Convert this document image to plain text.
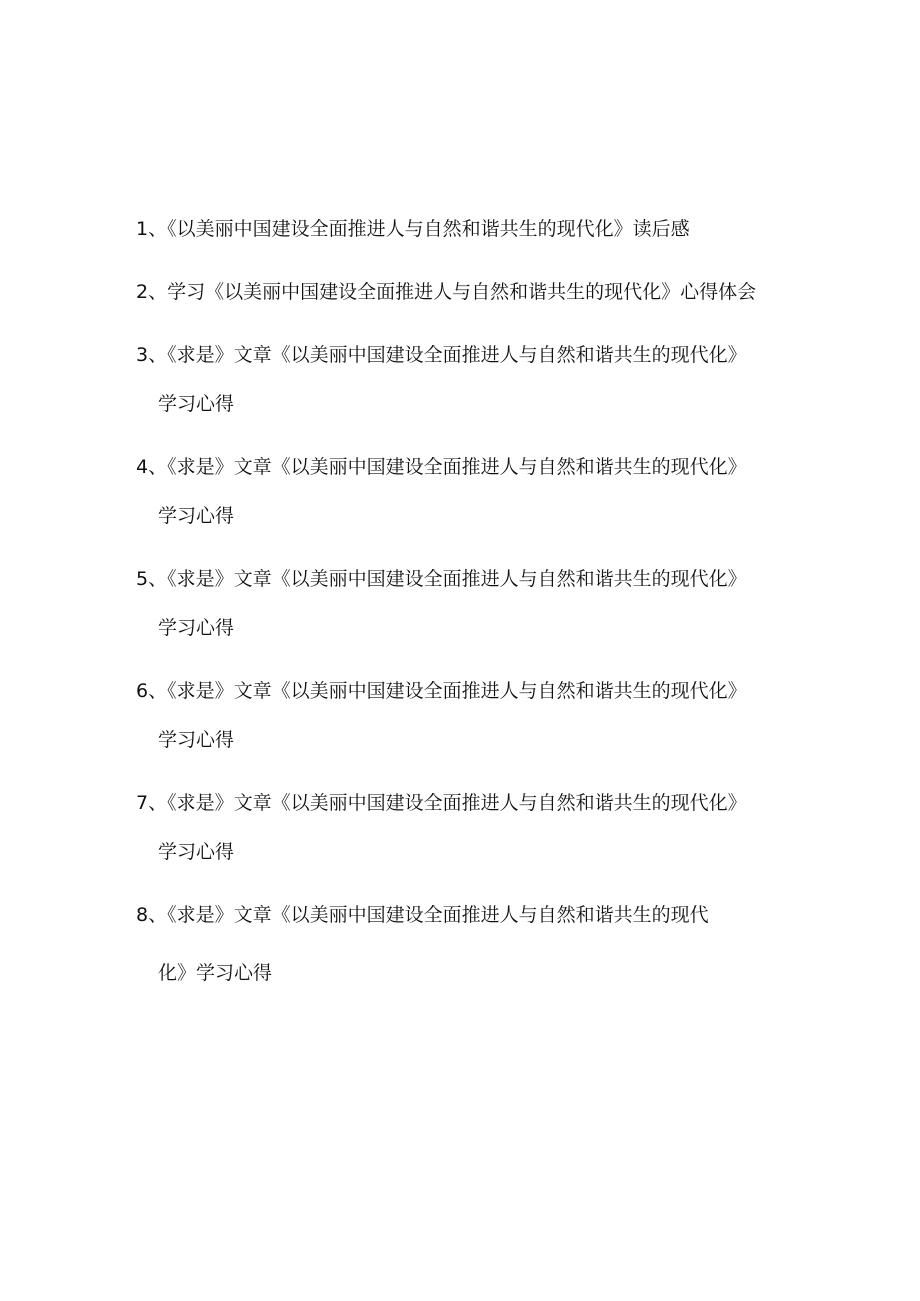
1、《以美丽中国建设全面推进人与自然和谐共生的现代化》读后感
2、学习《以美丽中国建设全面推进人与自然和谐共生的现代化》心得体会
3、《求是》文章《以美丽中国建设全面推进人与自然和谐共生的现代化》
学习心得
4、《求是》文章《以美丽中国建设全面推进人与自然和谐共生的现代化》
学习心得
5、《求是》文章《以美丽中国建设全面推进人与自然和谐共生的现代化》
学习心得
6、《求是》文章《以美丽中国建设全面推进人与自然和谐共生的现代化》
学习心得
7、《求是》文章《以美丽中国建设全面推进人与自然和谐共生的现代化》
学习心得
8、《求是》文章《以美丽中国建设全面推进人与自然和谐共生的现代
化》学习心得
